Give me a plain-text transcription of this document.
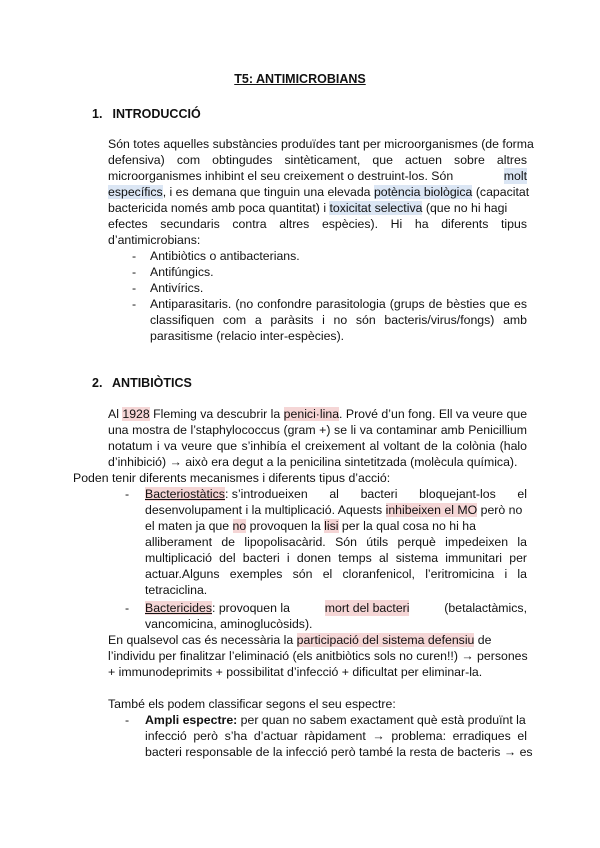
T5: ANTIMICROBIANS
1. INTRODUCCIÓ
Són totes aquelles substàncies produïdes tant per microorganismes (de forma
defensiva) com obtingudes sintèticament, que actuen sobre altres
microorganismes inhibint el seu creixement o destruint-los. Són	molt
específics, i es demana que tinguin una elevada potència biològica (capacitat
bactericida només amb poca quantitat) i toxicitat selectiva (que no hi hagi
efectes secundaris contra altres espècies). Hi ha diferents tipus
d’antimicrobians:
- Antibiòtics o antibacterians.
- Antifúngics.
- Antivírics.
- Antiparasitaris. (no confondre parasitologia (grups de bèsties que es
classifiquen com a paràsits i no són bacteris/virus/fongs) amb
parasitisme (relacio inter-espècies).
2. ANTIBIÒTICS
Al 1928 Fleming va descubrir la penici·lina. Prové d’un fong. Ell va veure que
una mostra de l’staphylococcus (gram +) se li va contaminar amb Penicillium
notatum i va veure que s’inhibía el creixement al voltant de la colònia (halo
d’inhibició) → això era degut a la penicilina sintetitzada (molècula química).
Poden tenir diferents mecanismes i diferents tipus d’acció:
- Bacteriostàtics: s’introdueixen al bacteri bloquejant-los el
desenvolupament i la multiplicació. Aquests inhibeixen el MO però no
el maten ja que no provoquen la lisi per la qual cosa no hi ha
alliberament de lipopolisacàrid. Són útils perquè impedeixen la
multiplicació del bacteri i donen temps al sistema immunitari per
actuar.Alguns exemples són el cloranfenicol, l’eritromicina i la
tetraciclina.
- Bactericides: provoquen la	mort del bacteri	(betalactàmics,
vancomicina, aminoglucòsids).
En qualsevol cas és necessària la participació del sistema defensiu de
l’individu per finalitzar l’eliminació (els anitbiòtics sols no curen!!) → persones
+ immunodeprimits + possibilitat d’infecció + dificultat per eliminar-la.
També els podem classificar segons el seu espectre:
- Ampli espectre: per quan no sabem exactament què està produïnt la
infecció però s’ha d’actuar ràpidament → problema: erradiques el
bacteri responsable de la infecció però també la resta de bacteris → es
